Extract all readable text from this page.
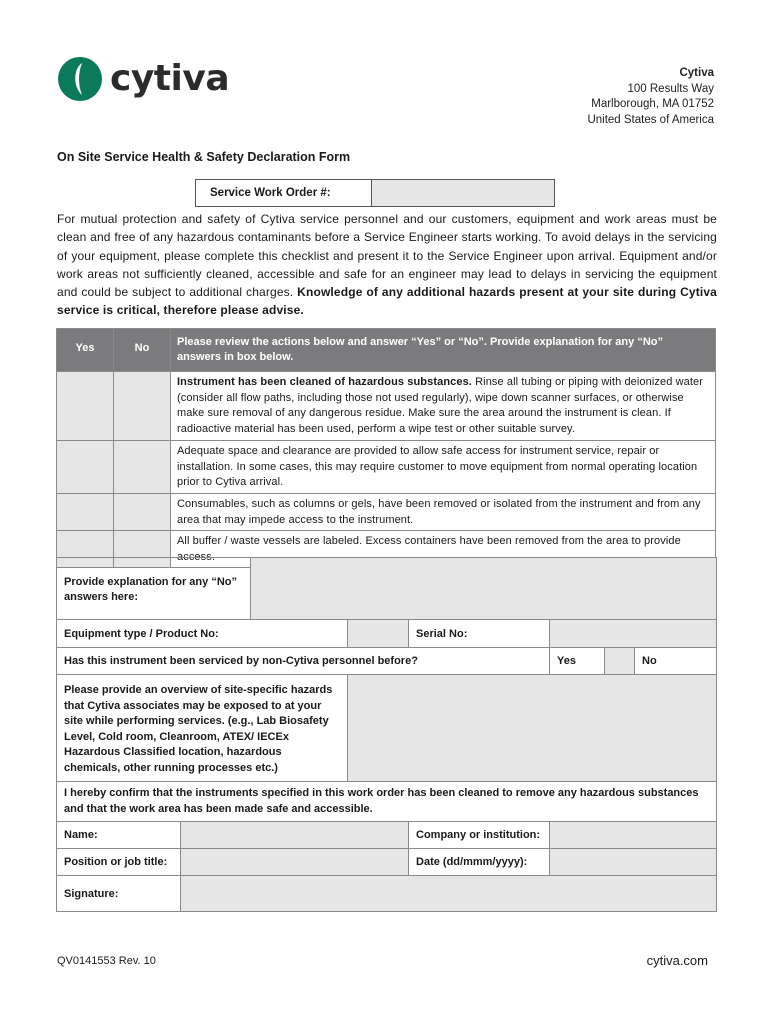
cytiva	Cytiva
100 Results Way
Marlborough, MA 01752
United States of America
On Site Service Health & Safety Declaration Form
Service Work Order #:
For mutual protection and safety of Cytiva service personnel and our customers, equipment and work areas must be clean and free of any hazardous contaminants before a Service Engineer starts working. To avoid delays in the servicing of your equipment, please complete this checklist and present it to the Service Engineer upon arrival. Equipment and/or work areas not sufficiently cleaned, accessible and safe for an engineer may lead to delays in servicing the equipment and could be subject to additional charges. Knowledge of any additional hazards present at your site during Cytiva service is critical, therefore please advise.
Yes	No	Please review the actions below and answer “Yes” or “No”. Provide explanation for any “No” answers in box below.
		Instrument has been cleaned of hazardous substances. Rinse all tubing or piping with deionized water (consider all flow paths, including those not used regularly), wipe down scanner surfaces, or otherwise make sure removal of any dangerous residue. Make sure the area around the instrument is clean. If radioactive material has been used, perform a wipe test or other suitable survey.
		Adequate space and clearance are provided to allow safe access for instrument service, repair or installation. In some cases, this may require customer to move equipment from normal operating location prior to Cytiva arrival.
		Consumables, such as columns or gels, have been removed or isolated from the instrument and from any area that may impede access to the instrument.
		All buffer / waste vessels are labeled. Excess containers have been removed from the area to provide access.
Provide explanation for any “No” answers here:							
Equipment type / Product No:				Serial No:			
Has this instrument been serviced by non-Cytiva personnel before?					Yes		No
Please provide an overview of site-specific hazards that Cytiva associates may be exposed to at your site while performing services. (e.g., Lab Biosafety Level, Cold room, Cleanroom, ATEX/ IECEx Hazardous Classified location, hazardous chemicals, other running processes etc.)							
I hereby confirm that the instruments specified in this work order has been cleaned to remove any hazardous substances and that the work area has been made safe and accessible.							
Name:				Company or institution:			
Position or job title:				Date (dd/mmm/yyyy):			
Signature:							
QV0141553 Rev. 10	cytiva.com
